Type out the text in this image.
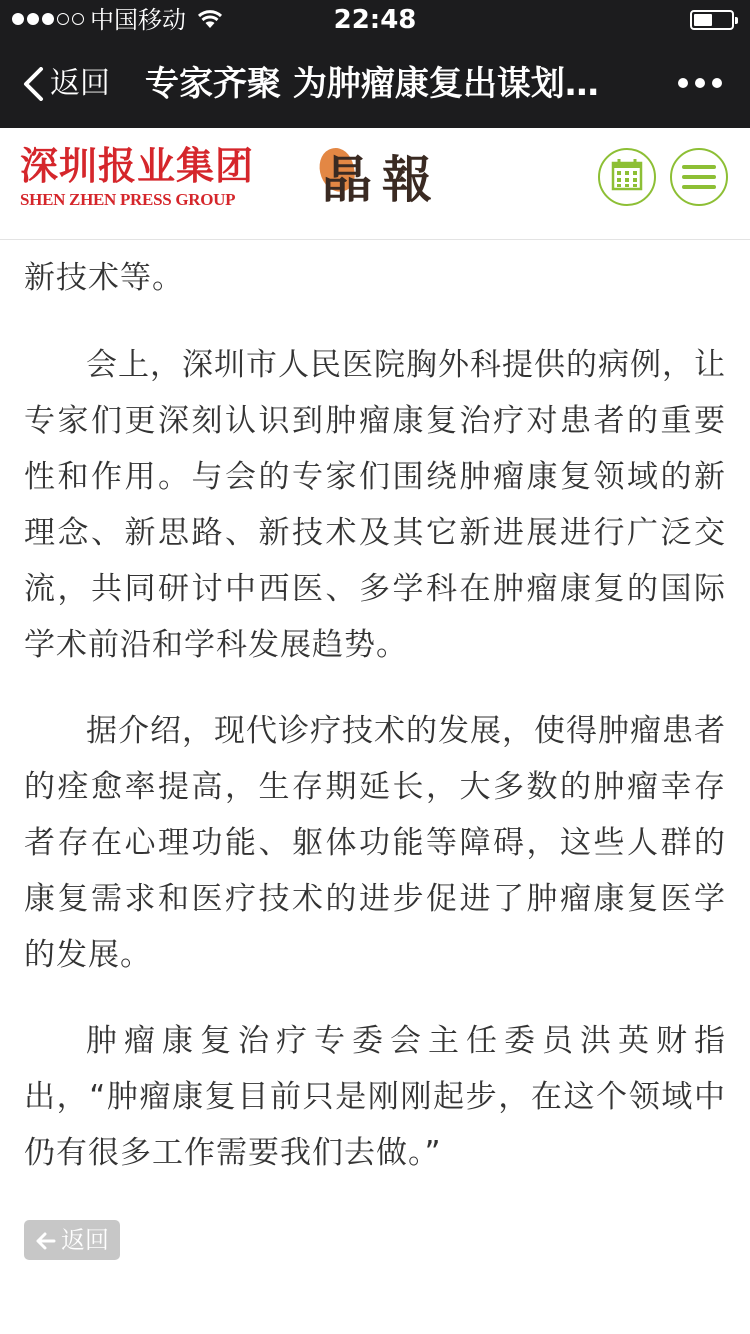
中国移动	22:48
返回 专家齐聚 为肿瘤康复出谋划…
深圳报业集团
SHEN ZHEN PRESS GROUP 晶 報

新技术等。

会上，深圳市人民医院胸外科提供的病例，让专家们更深刻认识到肿瘤康复治疗对患者的重要性和作用。与会的专家们围绕肿瘤康复领域的新理念、新思路、新技术及其它新进展进行广泛交流，共同研讨中西医、多学科在肿瘤康复的国际学术前沿和学科发展趋势。

据介绍，现代诊疗技术的发展，使得肿瘤患者的痊愈率提高，生存期延长，大多数的肿瘤幸存者存在心理功能、躯体功能等障碍，这些人群的康复需求和医疗技术的进步促进了肿瘤康复医学的发展。

肿瘤康复治疗专委会主任委员洪英财指出，“肿瘤康复目前只是刚刚起步，在这个领域中仍有很多工作需要我们去做。”

返回
